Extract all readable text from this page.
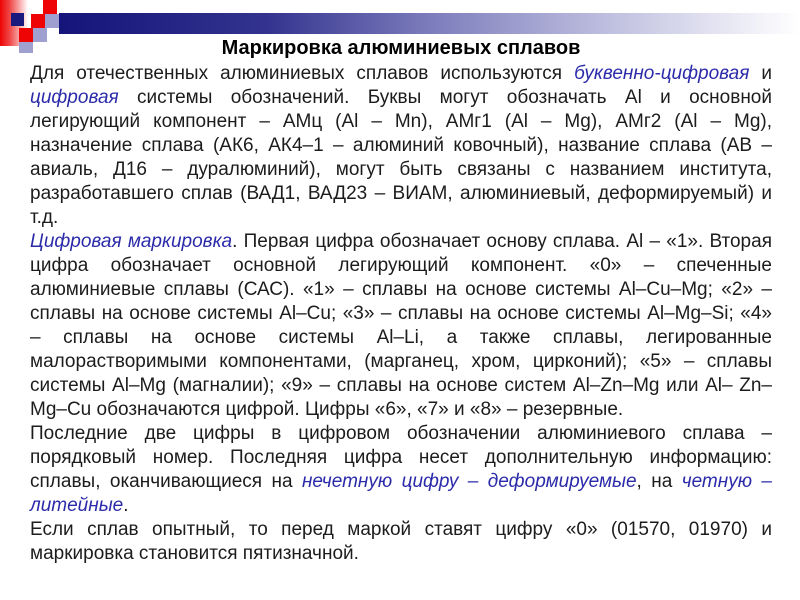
Маркировка алюминиевых сплавов

Для отечественных алюминиевых сплавов используются буквенно-цифровая и цифровая системы обозначений. Буквы могут обозначать Al и основной легирующий компонент – АМц (Al – Mn), АМг1 (Al – Mg), АМг2 (Al – Mg), назначение сплава (АК6, АК4–1 – алюминий ковочный), название сплава (АВ – авиаль, Д16 – дуралюминий), могут быть связаны с названием института, разработавшего сплав (ВАД1, ВАД23 – ВИАМ, алюминиевый, деформируемый) и т.д.

Цифровая маркировка. Первая цифра обозначает основу сплава. Al – «1». Вторая цифра обозначает основной легирующий компонент. «0» – спеченные алюминиевые сплавы (САС). «1» – сплавы на основе системы Al–Cu–Mg; «2» – сплавы на основе системы Al–Cu; «3» – сплавы на основе системы Al–Mg–Si; «4» – сплавы на основе системы Al–Li, а также сплавы, легированные малорастворимыми компонентами, (марганец, хром, цирконий); «5» – сплавы системы Al–Mg (магналии); «9» – сплавы на основе систем Al–Zn–Mg или Al– Zn–Mg–Cu обозначаются цифрой. Цифры «6», «7» и «8» – резервные.

Последние две цифры в цифровом обозначении алюминиевого сплава – порядковый номер. Последняя цифра несет дополнительную информацию: сплавы, оканчивающиеся на нечетную цифру – деформируемые, на четную – литейные.

Если сплав опытный, то перед маркой ставят цифру «0» (01570, 01970) и маркировка становится пятизначной.
